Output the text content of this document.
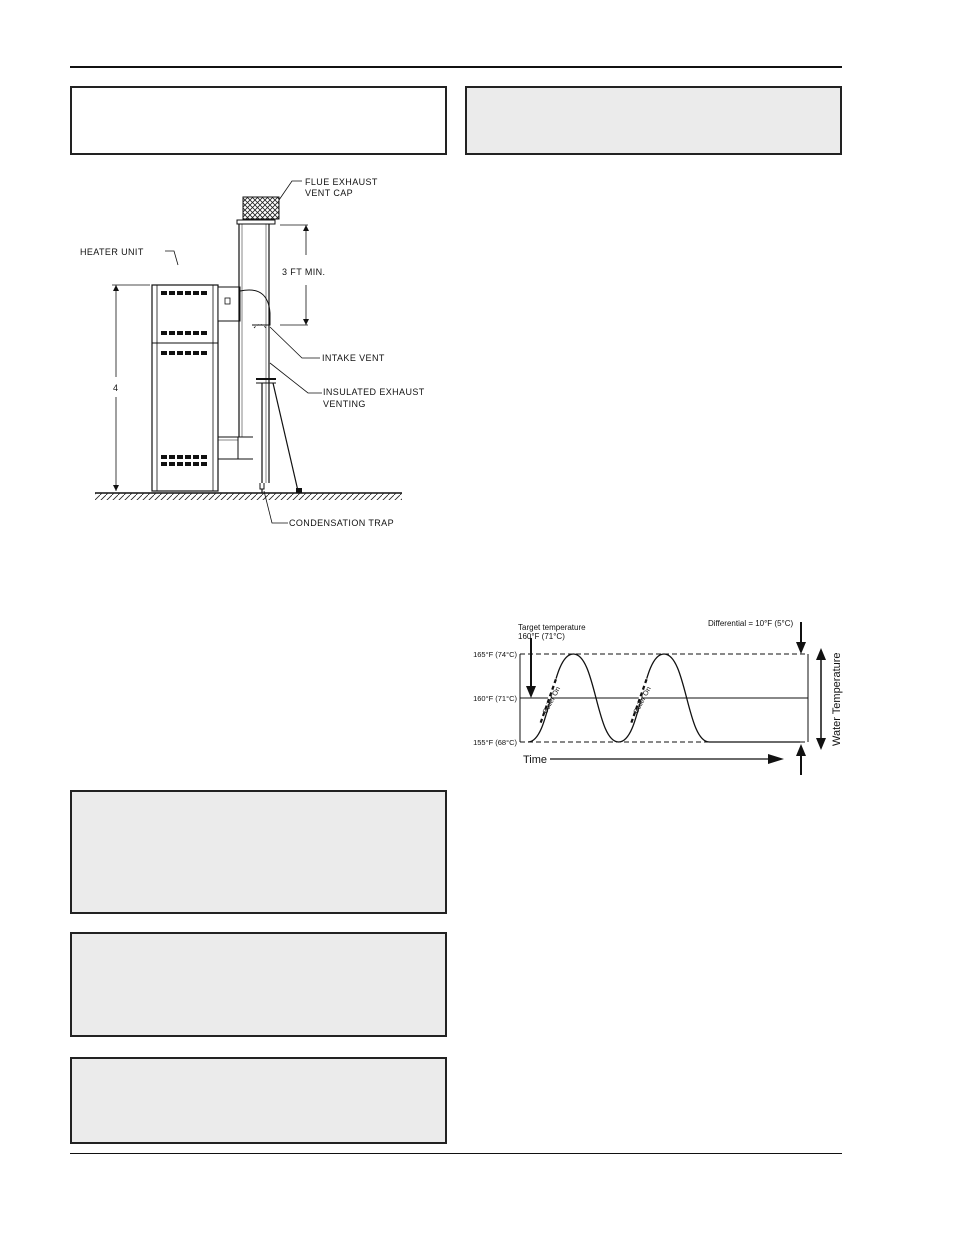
FLUE EXHAUST
VENT CAP
HEATER UNIT
3 FT MIN.
INTAKE VENT
INSULATED EXHAUST
VENTING
CONDENSATION TRAP
4
Target temperature
160°F (71°C)
Differential = 10°F (5°C)
165°F (74°C)
160°F (71°C)
155°F (68°C)
Boiler On	Boiler On	Water Temperature
Time
